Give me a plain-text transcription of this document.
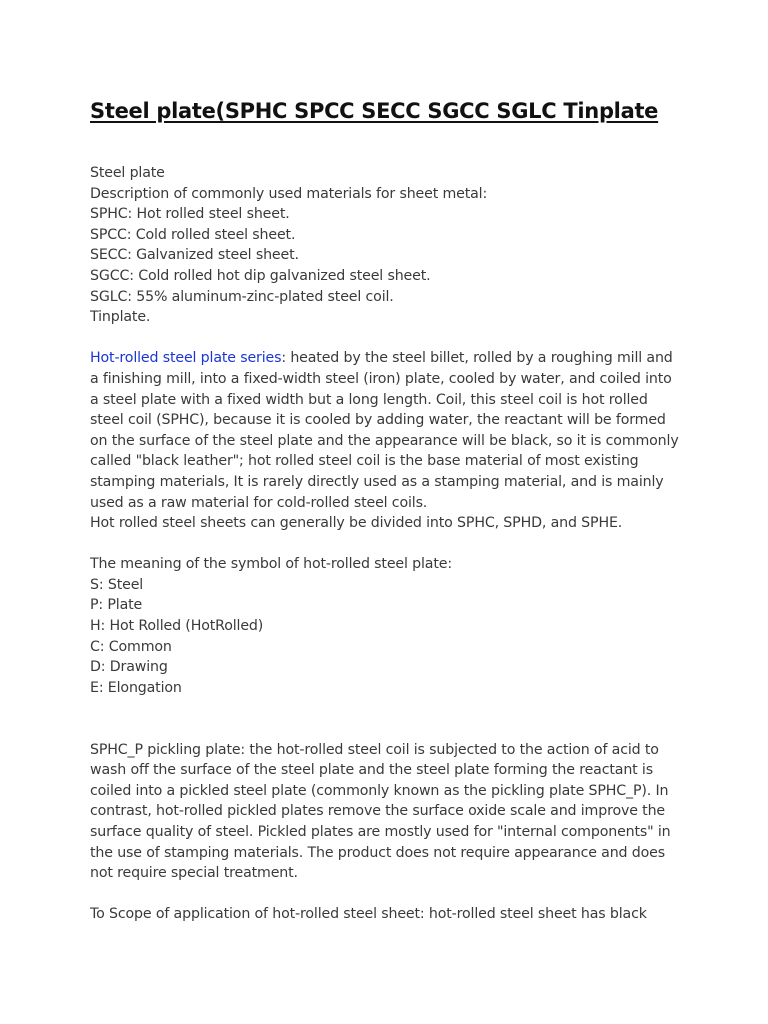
Steel plate(SPHC SPCC SECC SGCC SGLC Tinplate
Steel plate
Description of commonly used materials for sheet metal:
SPHC: Hot rolled steel sheet.
SPCC: Cold rolled steel sheet.
SECC: Galvanized steel sheet.
SGCC: Cold rolled hot dip galvanized steel sheet.
SGLC: 55% aluminum-zinc-plated steel coil.
Tinplate.
Hot-rolled steel plate series: heated by the steel billet, rolled by a roughing mill and
a finishing mill, into a fixed-width steel (iron) plate, cooled by water, and coiled into
a steel plate with a fixed width but a long length. Coil, this steel coil is hot rolled
steel coil (SPHC), because it is cooled by adding water, the reactant will be formed
on the surface of the steel plate and the appearance will be black, so it is commonly
called "black leather"; hot rolled steel coil is the base material of most existing
stamping materials, It is rarely directly used as a stamping material, and is mainly
used as a raw material for cold-rolled steel coils.
Hot rolled steel sheets can generally be divided into SPHC, SPHD, and SPHE.
The meaning of the symbol of hot-rolled steel plate:
S: Steel
P: Plate
H: Hot Rolled (HotRolled)
C: Common
D: Drawing
E: Elongation
SPHC_P pickling plate: the hot-rolled steel coil is subjected to the action of acid to
wash off the surface of the steel plate and the steel plate forming the reactant is
coiled into a pickled steel plate (commonly known as the pickling plate SPHC_P). In
contrast, hot-rolled pickled plates remove the surface oxide scale and improve the
surface quality of steel. Pickled plates are mostly used for "internal components" in
the use of stamping materials. The product does not require appearance and does
not require special treatment.
To Scope of application of hot-rolled steel sheet: hot-rolled steel sheet has black
